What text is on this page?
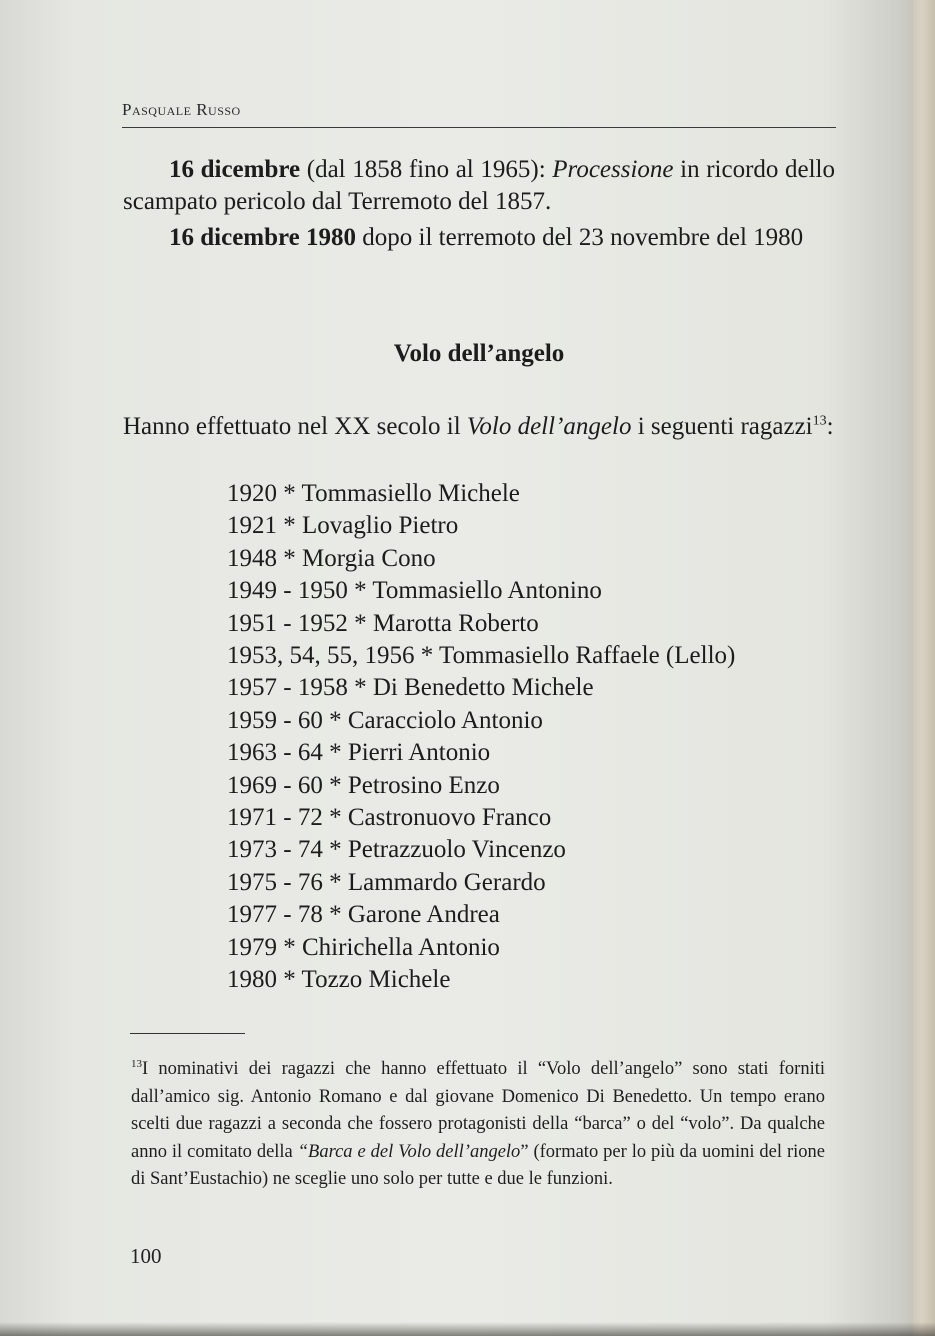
Pasquale Russo
16 dicembre (dal 1858 fino al 1965): Processione in ricordo dello scampato pericolo dal Terremoto del 1857.
16 dicembre 1980 dopo il terremoto del 23 novembre del 1980
Volo dell’angelo
Hanno effettuato nel XX secolo il Volo dell’angelo i seguenti ragazzi$^{13}$:
1920 * Tommasiello Michele
1921 * Lovaglio Pietro
1948 * Morgia Cono
1949 - 1950 * Tommasiello Antonino
1951 - 1952 * Marotta Roberto
1953, 54, 55, 1956 * Tommasiello Raffaele (Lello)
1957 - 1958 * Di Benedetto Michele
1959 - 60 * Caracciolo Antonio
1963 - 64 * Pierri Antonio
1969 - 60 * Petrosino Enzo
1971 - 72 * Castronuovo Franco
1973 - 74 * Petrazzuolo Vincenzo
1975 - 76 * Lammardo Gerardo
1977 - 78 * Garone Andrea
1979 * Chirichella Antonio
1980 * Tozzo Michele
$^{13}$I nominativi dei ragazzi che hanno effettuato il “Volo dell’angelo” sono stati forniti dall’amico sig. Antonio Romano e dal giovane Domenico Di Benedetto. Un tempo erano scelti due ragazzi a seconda che fossero protagonisti della “barca” o del “volo”. Da qualche anno il comitato della “Barca e del Volo dell’angelo” (formato per lo più da uomini del rione di Sant’Eustachio) ne sceglie uno solo per tutte e due le funzioni.
100
